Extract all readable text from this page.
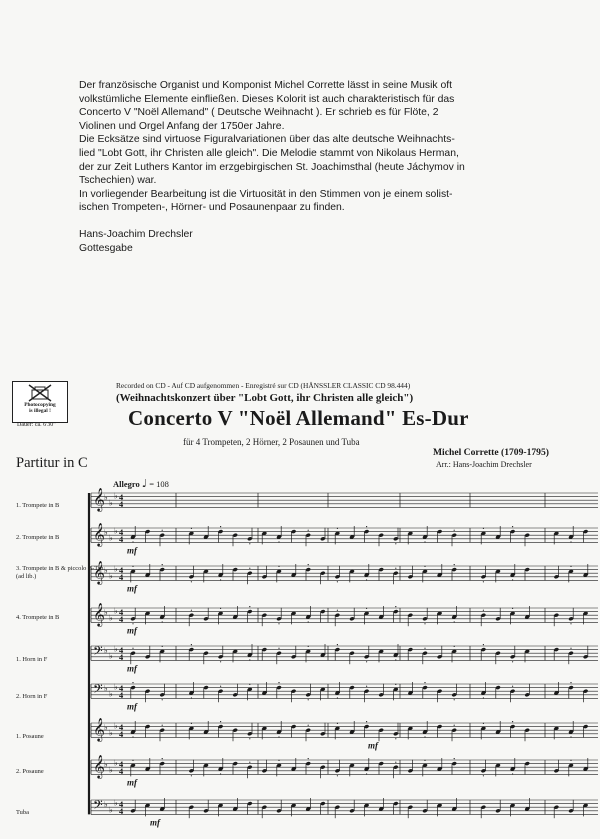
Der französische Organist und Komponist Michel Corrette lässt in seine Musik oft

volkstümliche Elemente einfließen. Dieses Kolorit ist auch charakteristisch für das

Concerto V "Noël Allemand" ( Deutsche Weihnacht ). Er schrieb es für Flöte, 2

Violinen und Orgel Anfang der 1750er Jahre.

Die Ecksätze sind virtuose Figuralvariationen über das alte deutsche Weihnachts-

lied "Lobt Gott, ihr Christen alle gleich". Die Melodie stammt von Nikolaus Herman,

der zur Zeit Luthers Kantor im erzgebirgischen St. Joachimsthal (heute Jáchymov in

Tschechien) war.

In vorliegender Bearbeitung ist die Virtuosität in den Stimmen von je einem solist-

ischen Trompeten-, Hörner- und Posaunenpaar zu finden.

Hans-Joachim Drechsler

Gottesgabe

Photocopying
is illegal !
Dauer: ca. 6'30"
Recorded on CD - Auf CD aufgenommen - Enregistré sur CD (HÄNSSLER CLASSIC CD 98.444)
(Weihnachtskonzert über "Lobt Gott, ihr Christen alle gleich")
Concerto V "Noël Allemand" Es-Dur
für 4 Trompeten, 2 Hörner, 2 Posaunen und Tuba
Michel Corrette (1709-1795)
Arr.: Hans-Joachim Drechsler
Partitur in C
Allegro ♩ = 108
1. Trompete in B
2. Trompete in B
3. Trompete in B & piccolo B-Trp. (ad lib.)
4. Trompete in B
1. Horn in F
2. Horn in F
1. Posaune
2. Posaune
Tuba
𝄞 ♭
♭
♭ 4
4
𝄞 ♭
♭
♭ 4
4
𝄞 ♭
♭
♭ 4
4
𝄞 ♭
♭
♭ 4
4
𝄢 ♭
♭
♭ 4
4
𝄢 ♭
♭
♭ 4
4
𝄞 ♭
♭
♭ 4
4
𝄞 ♭
♭
♭ 4
4
𝄢 ♭
♭
♭ 4
4
mf
mf
mf
mf
mf
mf
mf
mf
